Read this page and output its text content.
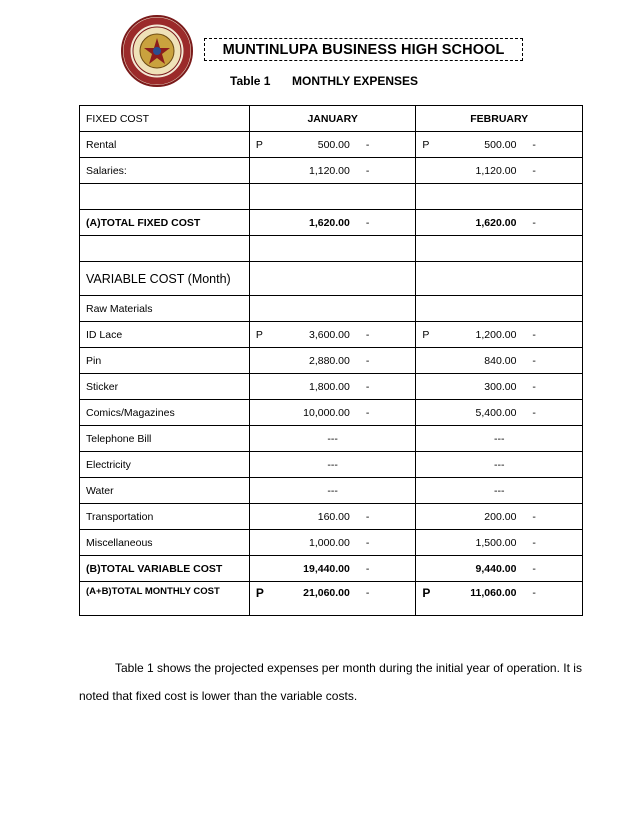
MUNTINLUPA BUSINESS HIGH SCHOOL
Table 1 MONTHLY EXPENSES
FIXED COST	JANUARY	FEBRUARY
Rental	P 500.00 -	P 500.00 -

Salaries:	1,120.00 -	1,120.00 -

(A)TOTAL FIXED COST	1,620.00 -	1,620.00 -

VARIABLE COST (Month)		
Raw Materials		
ID Lace	P 3,600.00 -	P 1,200.00 -

Pin	2,880.00 -	840.00 -

Sticker	1,800.00 -	300.00 -

Comics/Magazines	10,000.00 -	5,400.00 -

Telephone Bill	---	---
Electricity	---	---
Water	---	---
Transportation	160.00 -	200.00 -

Miscellaneous	1,000.00 -	1,500.00 -

(B)TOTAL VARIABLE COST	19,440.00 -	9,440.00 -

(A+B)TOTAL MONTHLY COST	P 21,060.00 -	P 11,060.00 -
Table 1 shows the projected expenses per month during the initial year of operation. It is noted that fixed cost is lower than the variable costs.
